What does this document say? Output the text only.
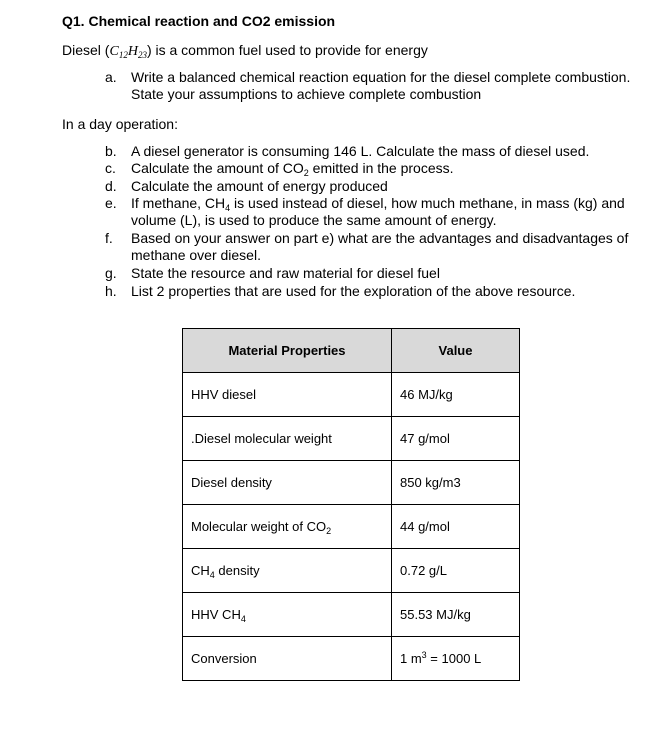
Q1. Chemical reaction and CO2 emission
Diesel $(C_{12}H_{23})$ is a common fuel used to provide for energy
a. Write a balanced chemical reaction equation for the diesel complete combustion.
State your assumptions to achieve complete combustion
In a day operation:
b. A diesel generator is consuming 146 L. Calculate the mass of diesel used.
c. Calculate the amount of $CO_2$ emitted in the process.
d. Calculate the amount of energy produced
e. If methane, $CH_4$ is used instead of diesel, how much methane, in mass (kg) and
volume (L), is used to produce the same amount of energy.
f. Based on your answer on part e) what are the advantages and disadvantages of
methane over diesel.
g. State the resource and raw material for diesel fuel
h. List 2 properties that are used for the exploration of the above resource.
Material Properties	Value
HHV diesel	46 MJ/kg
.Diesel molecular weight	47 g/mol
Diesel density	850 kg/m3
Molecular weight of $CO_2$	44 g/mol
$CH_4$ density	0.72 g/L
HHV $CH_4$	55.53 MJ/kg
Conversion	1 $m^3 = 1000$ L
